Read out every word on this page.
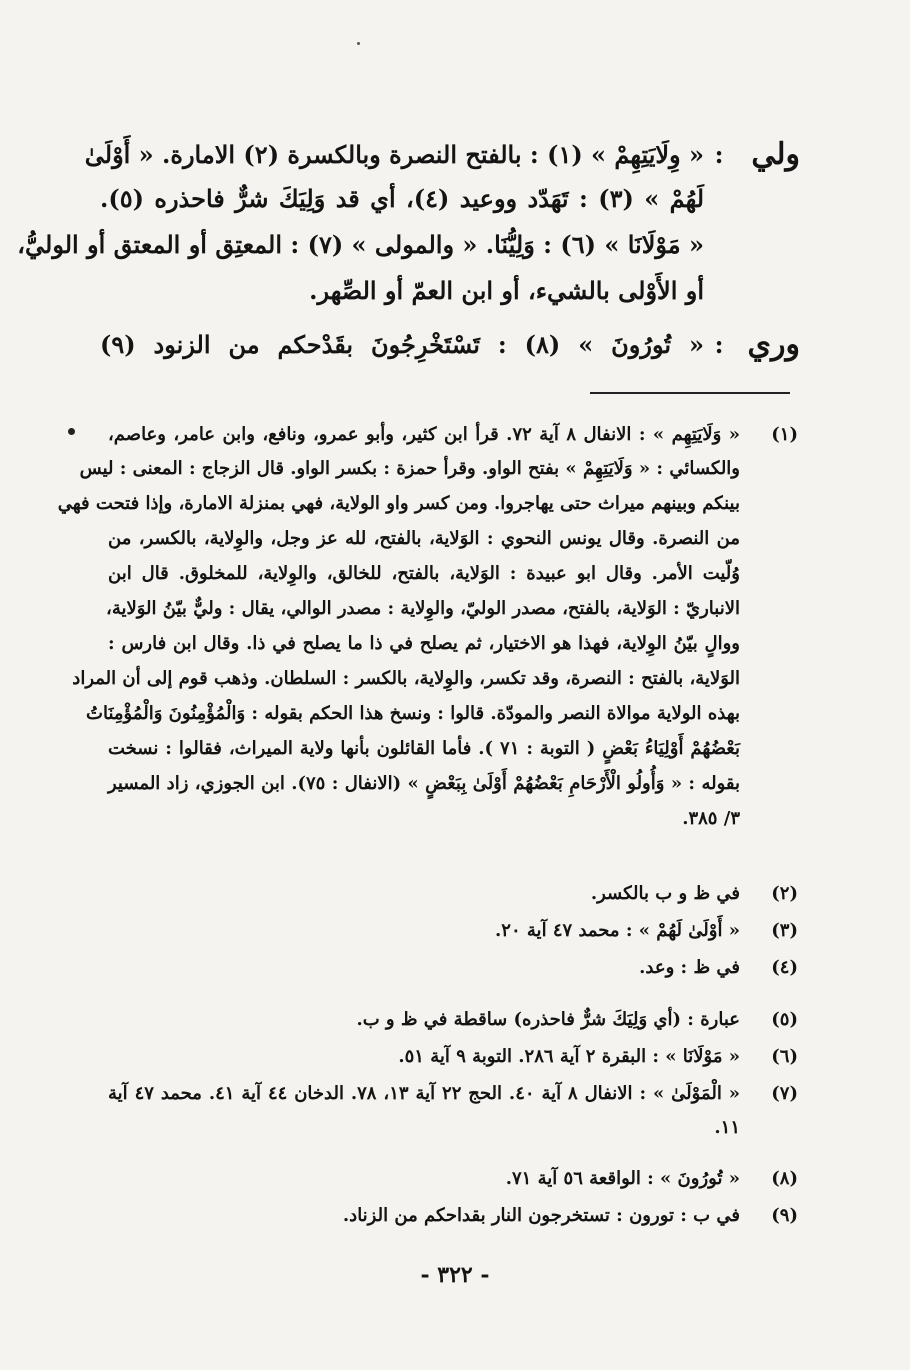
ولي
:
« وِلَايَتِهِمْ » (١) : بالفتح النصرة وبالكسرة (٢) الامارة. « أَوْلَىٰ
لَهُمْ » (٣) : تَهَدّد ووعيد (٤)، أي قد وَلِيَكَ شرٌّ فاحذره (٥).
« مَوْلَانَا » (٦) : وَلِيُّنَا. « والمولى » (٧) : المعتِق أو المعتق أو الوليُّ،
أو الأَوْلى بالشيء، أو ابن العمّ أو الصِّهر.
وري
:
« تُورُونَ » (٨) : تَسْتَخْرِجُونَ بقَدْحكم من الزنود (٩)
(١)
« وَلَايَتِهِم » : الانفال ٨ آية ٧٢. قرأ ابن كثير، وأبو عمرو، ونافع، وابن عامر، وعاصم،
والكسائي : « وَلَايَتِهِمْ » بفتح الواو. وقرأ حمزة : بكسر الواو. قال الزجاج : المعنى : ليس
بينكم وبينهم ميراث حتى يهاجروا. ومن كسر واو الولاية، فهي بمنزلة الامارة، وإذا فتحت فهي
من النصرة. وقال يونس النحوي : الوَلاية، بالفتح، لله عز وجل، والوِلاية، بالكسر، من
وُلّيت الأمر. وقال ابو عبيدة : الوَلاية، بالفتح، للخالق، والوِلاية، للمخلوق. قال ابن
الانباريّ : الوَلاية، بالفتح، مصدر الوليّ، والوِلاية : مصدر الوالي، يقال : وليٌّ بيّنُ الوَلاية،
ووالٍ بيّنُ الوِلاية، فهذا هو الاختيار، ثم يصلح في ذا ما يصلح في ذا. وقال ابن فارس :
الوَلاية، بالفتح : النصرة، وقد تكسر، والوِلاية، بالكسر : السلطان. وذهب قوم إلى أن المراد
بهذه الولاية موالاة النصر والمودّة. قالوا : ونسخ هذا الحكم بقوله : وَالْمُؤْمِنُونَ وَالْمُؤْمِنَاتُ
بَعْضُهُمْ أَوْلِيَاءُ بَعْضٍ ( التوبة : ٧١ ). فأما القائلون بأنها ولاية الميراث، فقالوا : نسخت
بقوله : « وَأُولُو الْأَرْحَامِ بَعْضُهُمْ أَوْلَىٰ بِبَعْضٍ » (الانفال : ٧٥). ابن الجوزي، زاد المسير
٣/ ٣٨٥.
(٢)
في ظ و ب بالكسر.
(٣)
« أَوْلَىٰ لَهُمْ » : محمد ٤٧ آية ٢٠.
(٤)
في ظ : وعد.
(٥)
عبارة : (أي وَلِيَكَ شرٌّ فاحذره) ساقطة في ظ و ب.
(٦)
« مَوْلَانَا » : البقرة ٢ آية ٢٨٦. التوبة ٩ آية ٥١.
(٧)
« الْمَوْلَىٰ » : الانفال ٨ آية ٤٠. الحج ٢٢ آية ١٣، ٧٨. الدخان ٤٤ آية ٤١. محمد ٤٧ آية
١١.
(٨)
« تُورُونَ » : الواقعة ٥٦ آية ٧١.
(٩)
في ب : تورون : تستخرجون النار بقداحكم من الزناد.
- ٣٢٢ -
